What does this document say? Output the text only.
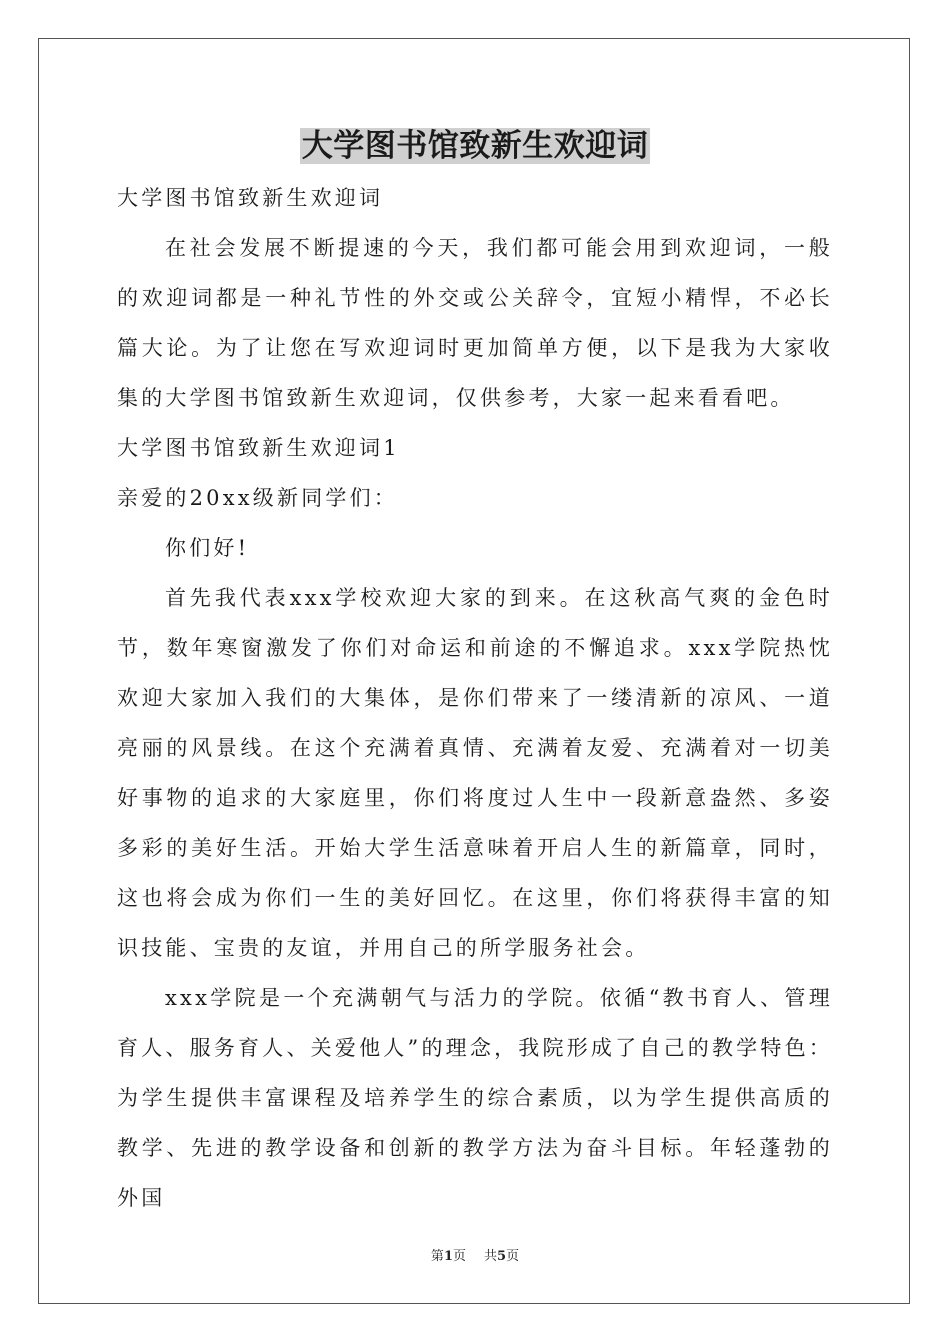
大学图书馆致新生欢迎词

大学图书馆致新生欢迎词

在社会发展不断提速的今天，我们都可能会用到欢迎词，一般的欢迎词都是一种礼节性的外交或公关辞令，宜短小精悍，不必长篇大论。为了让您在写欢迎词时更加简单方便，以下是我为大家收集的大学图书馆致新生欢迎词，仅供参考，大家一起来看看吧。

大学图书馆致新生欢迎词1

亲爱的20xx级新同学们：

你们好!

首先我代表xxx学校欢迎大家的到来。在这秋高气爽的金色时节，数年寒窗激发了你们对命运和前途的不懈追求。xxx学院热忱欢迎大家加入我们的大集体，是你们带来了一缕清新的凉风、一道亮丽的风景线。在这个充满着真情、充满着友爱、充满着对一切美好事物的追求的大家庭里，你们将度过人生中一段新意盎然、多姿多彩的美好生活。开始大学生活意味着开启人生的新篇章，同时，这也将会成为你们一生的美好回忆。在这里，你们将获得丰富的知识技能、宝贵的友谊，并用自己的所学服务社会。

xxx学院是一个充满朝气与活力的学院。依循“教书育人、管理育人、服务育人、关爱他人”的理念，我院形成了自己的教学特色：为学生提供丰富课程及培养学生的综合素质，以为学生提供高质的教学、先进的教学设备和创新的教学方法为奋斗目标。年轻蓬勃的外国

第1页 共5页
